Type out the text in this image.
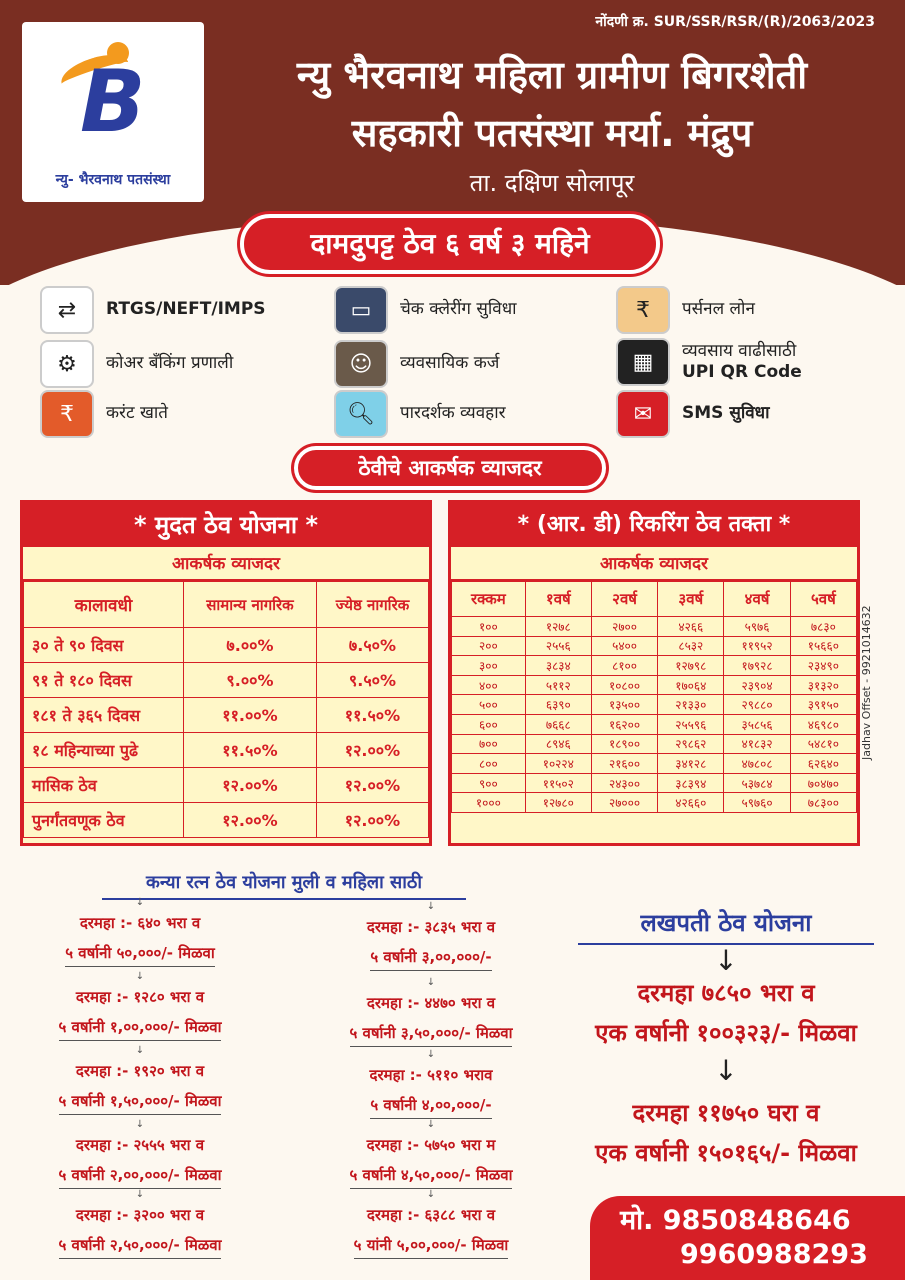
नोंदणी क्र. SUR/SSR/RSR/(R)/2063/2023
B
न्यु- भैरवनाथ पतसंस्था
न्यु भैरवनाथ महिला ग्रामीण बिगरशेती
सहकारी पतसंस्था मर्या. मंद्रुप
ता. दक्षिण सोलापूर
दामदुपट्ट ठेव ६ वर्ष ३ महिने
⇄	RTGS/NEFT/IMPS	▭	चेक क्लेरींग सुविधा	₹	पर्सनल लोन
⚙	कोअर बँकिंग प्रणाली	☺	व्यवसायिक कर्ज	▦	व्यवसाय वाढीसाठी
UPI QR Code
₹	करंट खाते	🔍︎	पारदर्शक व्यवहार	✉	SMS सुविधा
ठेवीचे आकर्षक व्याजदर
* मुदत ठेव योजना *
आकर्षक व्याजदर
कालावधी	सामान्य नागरिक	ज्येष्ठ नागरिक
३० ते ९० दिवस	७.००%	७.५०%
९१ ते १८० दिवस	९.००%	९.५०%
१८१ ते ३६५ दिवस	११.००%	११.५०%
१८ महिन्याच्या पुढे	११.५०%	१२.००%
मासिक ठेव	१२.००%	१२.००%
पुनर्गंतवणूक ठेव	१२.००%	१२.००%
* (आर. डी) रिकरिंग ठेव तक्ता *
आकर्षक व्याजदर
रक्कम	१वर्ष	२वर्ष	३वर्ष	४वर्ष	५वर्ष
१००	१२७८	२७००	४२६६	५९७६	७८३०
२००	२५५६	५४००	८५३२	११९५२	१५६६०
३००	३८३४	८१००	१२७९८	१७९२८	२३४९०
४००	५११२	१०८००	१७०६४	२३९०४	३१३२०
५००	६३९०	१३५००	२१३३०	२९८८०	३९१५०
६००	७६६८	१६२००	२५५९६	३५८५६	४६९८०
७००	८९४६	१८९००	२९८६२	४१८३२	५४८१०
८००	१०२२४	२१६००	३४१२८	४७८०८	६२६४०
९००	११५०२	२४३००	३८३९४	५३७८४	७०४७०
१०००	१२७८०	२७०००	४२६६०	५९७६०	७८३००
Jadhav Offset - 9921014632
कन्या रत्न ठेव योजना मुली व महिला साठी
↓
दरमहा :- ६४० भरा व
५ वर्षानी ५०,०००/- मिळवा
↓
दरमहा :- १२८० भरा व
५ वर्षानी १,००,०००/- मिळवा
↓
दरमहा :- १९२० भरा व
५ वर्षानी १,५०,०००/- मिळवा
↓
दरमहा :- २५५५ भरा व
५ वर्षानी २,००,०००/- मिळवा
↓
दरमहा :- ३२०० भरा व
५ वर्षानी २,५०,०००/- मिळवा
↓
दरमहा :- ३८३५ भरा व
५ वर्षानी ३,००,०००/-
↓
दरमहा :- ४४७० भरा व
५ वर्षानी ३,५०,०००/- मिळवा
↓
दरमहा :- ५११० भराव
५ वर्षानी ४,००,०००/-
↓
दरमहा :- ५७५० भरा म
५ वर्षानी ४,५०,०००/- मिळवा
↓
दरमहा :- ६३८८ भरा व
५ यांनी ५,००,०००/- मिळवा
लखपती ठेव योजना
↓
दरमहा ७८५० भरा व
एक वर्षानी १००३२३/- मिळवा
↓
दरमहा ११७५० घरा व
एक वर्षानी १५०१६५/- मिळवा
मो. 9850848646
9960988293
